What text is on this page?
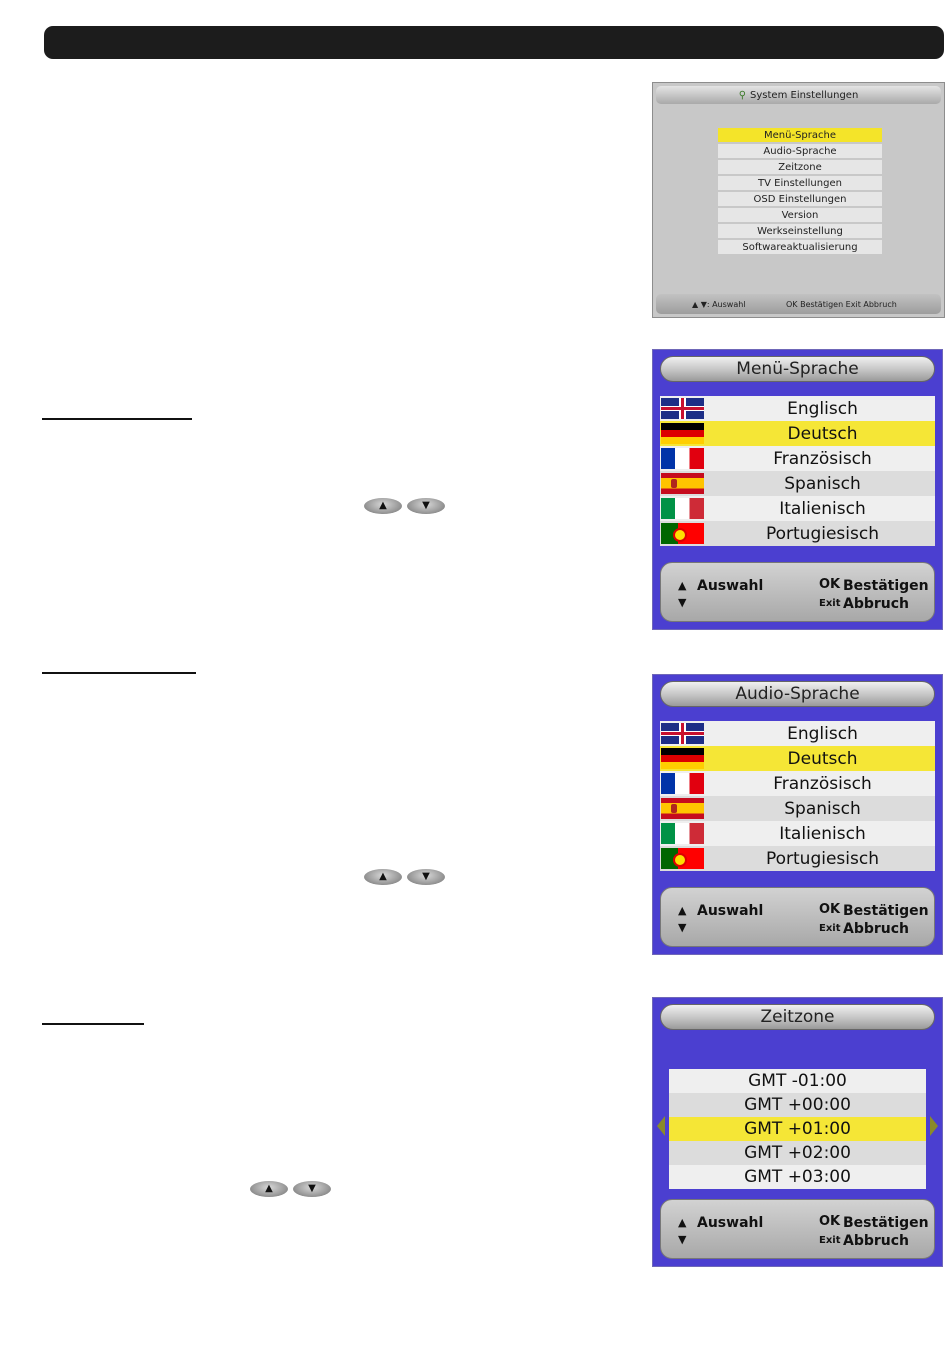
▲	▼
▲	▼
▲	▼
⚲ System Einstellungen
Menü-Sprache
Audio-Sprache
Zeitzone
TV Einstellungen
OSD Einstellungen
Version
Werkseinstellung
Softwareaktualisierung
▲ ▼: Auswahl	OK Bestätigen Exit Abbruch
Menü-Sprache
Englisch
Deutsch
Französisch
Spanisch
Italienisch
Portugiesisch
▲
▼
Auswahl	OK Bestätigen
Exit Abbruch
Audio-Sprache
Englisch
Deutsch
Französisch
Spanisch
Italienisch
Portugiesisch
▲
▼
Auswahl	OK Bestätigen
Exit Abbruch
Zeitzone
GMT -01:00
GMT +00:00
GMT +01:00
GMT +02:00
GMT +03:00
▲
▼
Auswahl	OK Bestätigen
Exit Abbruch
